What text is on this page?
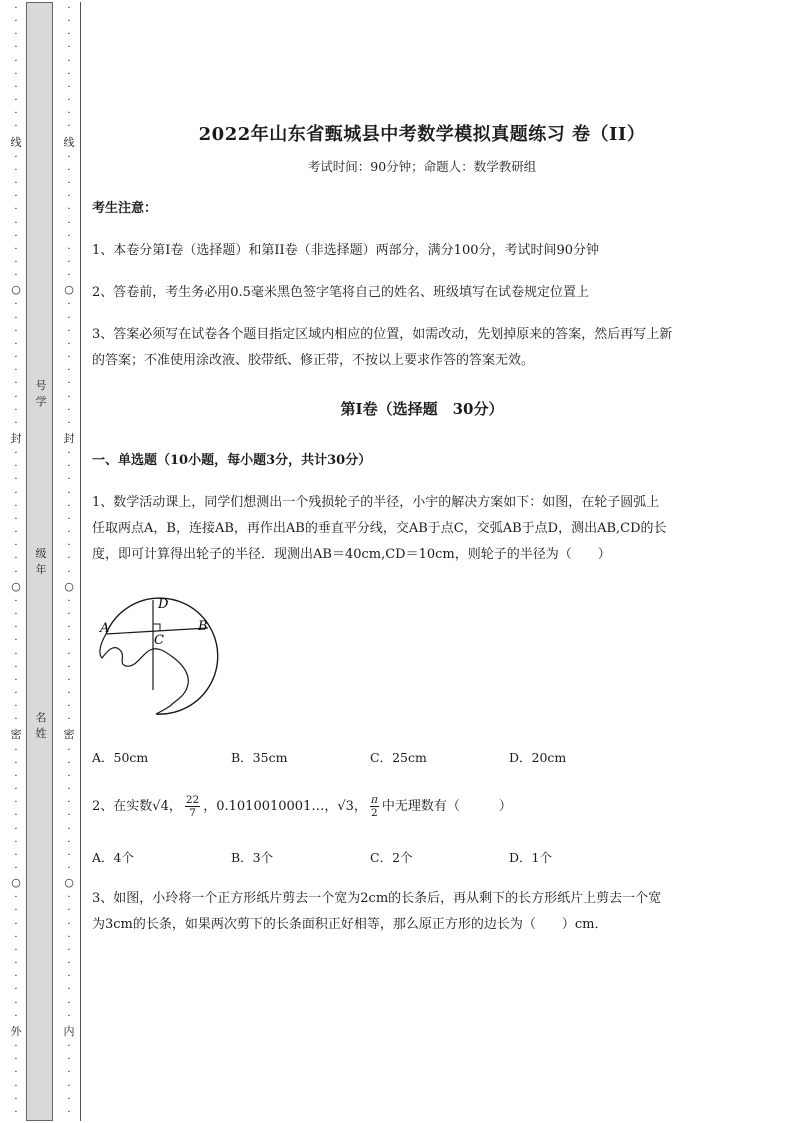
·
·
·
·
·
·
·
·
·
·
线
·
·
·
·
·
·
·
·
·
·
○
·
·
·
·
·
·
·
·
·
·
封
·
·
·
·
·
·
·
·
·
·
○
·
·
·
·
·
·
·
·
·
·
密
·
·
·
·
·
·
·
·
·
·
○
·
·
·
·
·
·
·
·
·
·
外
·
·
·
·
·
·
·
·
·
·
·
·
·
·
·
·
线
·
·
·
·
·
·
·
·
·
·
○
·
·
·
·
·
·
·
·
·
·
封
·
·
·
·
·
·
·
·
·
·
○
·
·
·
·
·
·
·
·
·
·
密
·
·
·
·
·
·
·
·
·
·
○
·
·
·
·
·
·
·
·
·
·
内
·
·
·
·
·
·
号学
级年
名姓
2022年山东省甄城县中考数学模拟真题练习 卷（II）
考试时间：90分钟；命题人：数学教研组
考生注意：
1、本卷分第I卷（选择题）和第II卷（非选择题）两部分，满分100分，考试时间90分钟
2、答卷前，考生务必用0.5毫米黑色签字笔将自己的姓名、班级填写在试卷规定位置上
3、答案必须写在试卷各个题目指定区域内相应的位置，如需改动，先划掉原来的答案，然后再写上新
的答案；不准使用涂改液、胶带纸、修正带，不按以上要求作答的答案无效。
第I卷（选择题　30分）
一、单选题（10小题，每小题3分，共计30分）
1、数学活动课上，同学们想测出一个残损轮子的半径，小宇的解决方案如下：如图，在轮子圆弧上
任取两点A，B，连接AB，再作出AB的垂直平分线，交AB于点C，交弧AB于点D，测出AB,CD的长
度，即可计算得出轮子的半径．现测出AB＝40cm,CD＝10cm，则轮子的半径为（　　）
D
A	B
C
A．50cm	B．35cm	C．25cm	D．20cm
2、在实数√4， $\frac{22}{7}$ ，0.1010010001…，√3， $\frac{\pi}{2}$ 中无理数有（　　　）
A．4个	B．3个	C．2个	D．1个
3、如图，小玲将一个正方形纸片剪去一个宽为2cm的长条后，再从剩下的长方形纸片上剪去一个宽
为3cm的长条，如果两次剪下的长条面积正好相等，那么原正方形的边长为（　　）cm．
